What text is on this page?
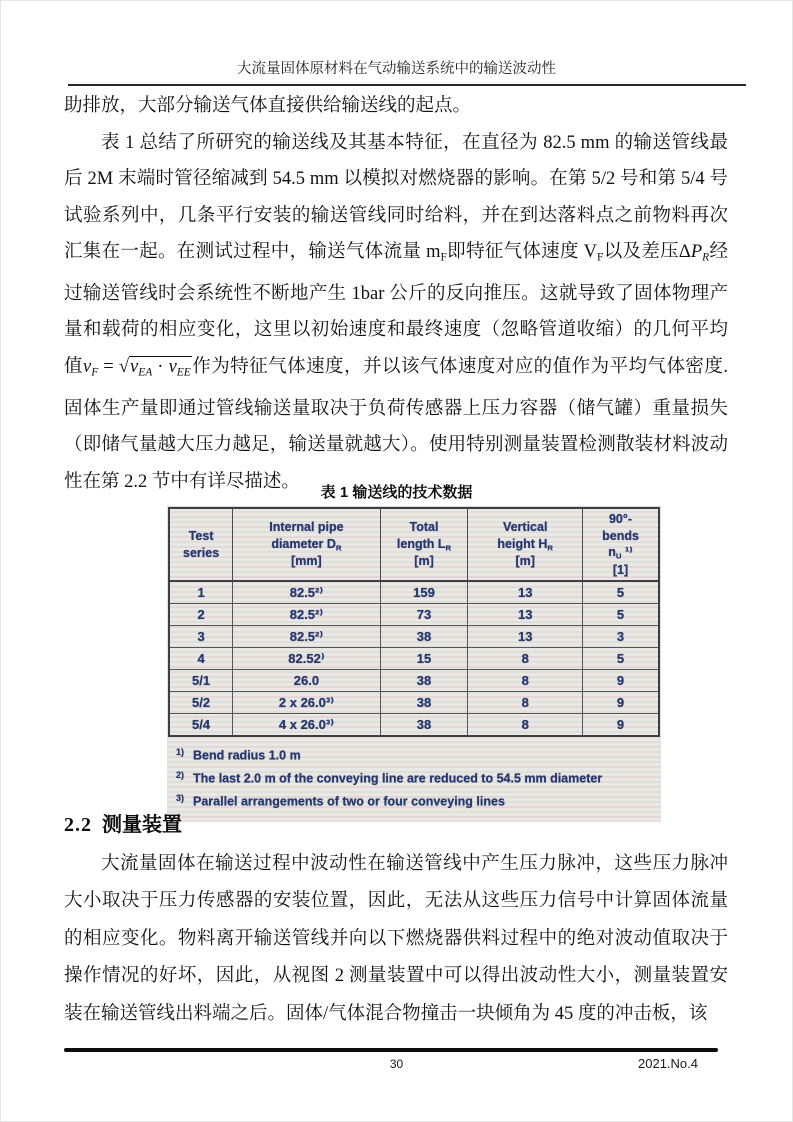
大流量固体原材料在气动输送系统中的输送波动性

助排放，大部分输送气体直接供给输送线的起点。

表 1 总结了所研究的输送线及其基本特征，在直径为 82.5 mm 的输送管线最后 2M 末端时管径缩减到 54.5 mm 以模拟对燃烧器的影响。在第 5/2 号和第 5/4 号试验系列中，几条平行安装的输送管线同时给料，并在到达落料点之前物料再次汇集在一起。在测试过程中，输送气体流量 $m_F$即特征气体速度 $V_F$以及差压$\Delta P_R$经过输送管线时会系统性不断地产生 1bar 公斤的反向推压。这就导致了固体物理产量和载荷的相应变化，这里以初始速度和最终速度（忽略管道收缩）的几何平均值$v_F = √v_{EA} \cdot v_{EE}$作为特征气体速度，并以该气体速度对应的值作为平均气体密度. 固体生产量即通过管线输送量取决于负荷传感器上压力容器（储气罐）重量损失（即储气量越大压力越足，输送量就越大）。使用特别测量装置检测散装材料波动性在第 2.2 节中有详尽描述。

表 1 输送线的技术数据
Test
series	Internal pipe
diameter $D_R$
[mm]	Total
length $L_R$
[m]	Vertical
height $H_R$
[m]	90°-
bends
$n_U$ ¹⁾
[1]
1	82.5²⁾	159	13	5
2	82.5²⁾	73	13	5
3	82.5²⁾	38	13	3
4	82.52⁾	15	8	5
5/1	26.0	38	8	9
5/2	2 x 26.0³⁾	38	8	9
5/4	4 x 26.0³⁾	38	8	9
$^{1)}$ Bend radius 1.0 m
$^{2)}$ The last 2.0 m of the conveying line are reduced to 54.5 mm diameter
$^{3)}$ Parallel arrangements of two or four conveying lines
2.2 测量装置
大流量固体在输送过程中波动性在输送管线中产生压力脉冲，这些压力脉冲大小取决于压力传感器的安装位置，因此，无法从这些压力信号中计算固体流量的相应变化。物料离开输送管线并向以下燃烧器供料过程中的绝对波动值取决于操作情况的好坏，因此，从视图 2 测量装置中可以得出波动性大小，测量装置安装在输送管线出料端之后。固体/气体混合物撞击一块倾角为 45 度的冲击板，该
30	2021.No.4
